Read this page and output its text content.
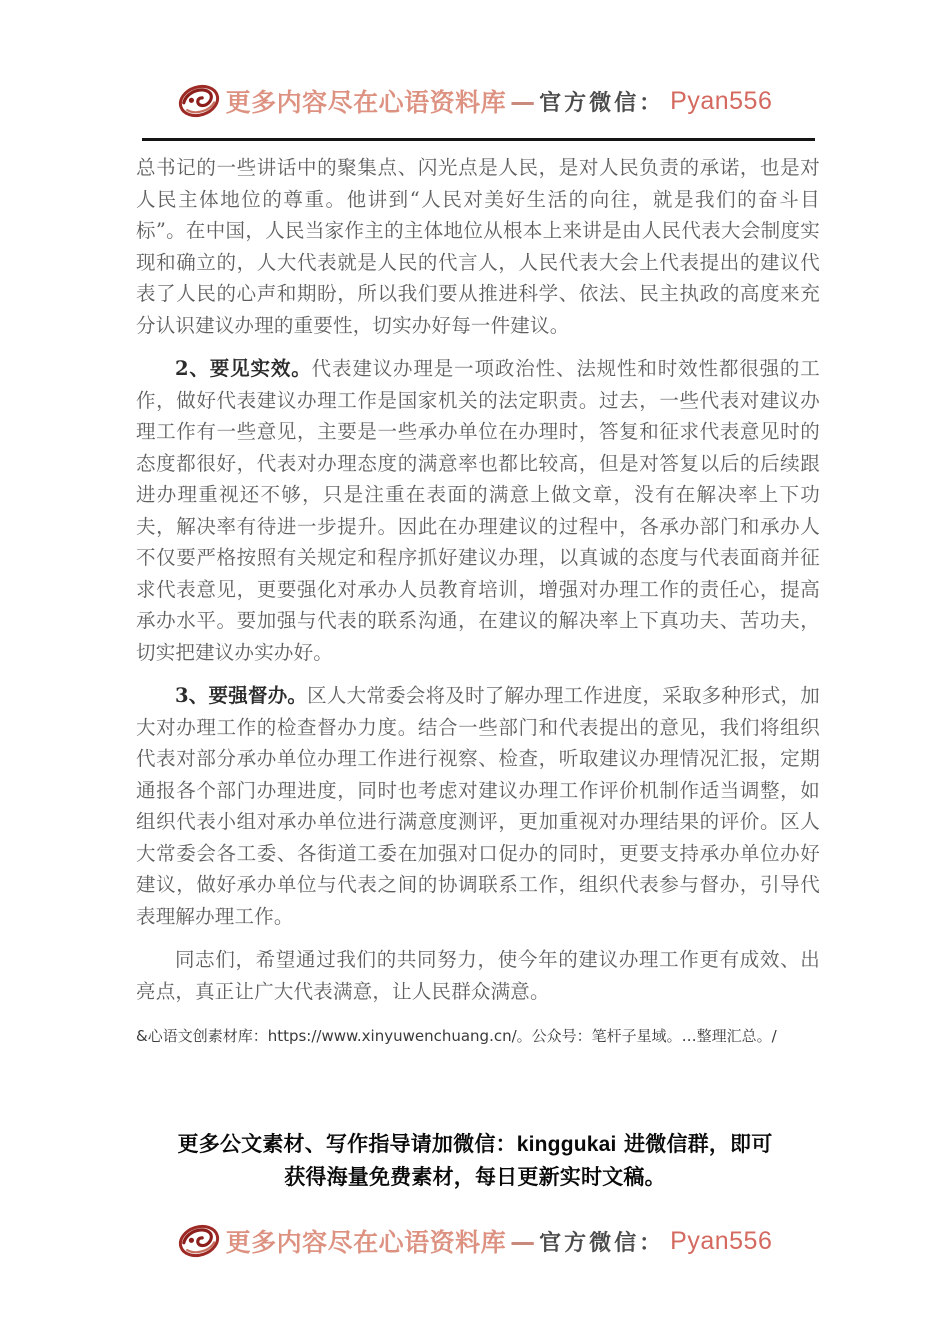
更多内容尽在心语资料库 — 官方微信： Pyan556

总书记的一些讲话中的聚集点、闪光点是人民，是对人民负责的承诺，也是对人民主体地位的尊重。他讲到“人民对美好生活的向往，就是我们的奋斗目标”。在中国，人民当家作主的主体地位从根本上来讲是由人民代表大会制度实现和确立的，人大代表就是人民的代言人，人民代表大会上代表提出的建议代表了人民的心声和期盼，所以我们要从推进科学、依法、民主执政的高度来充分认识建议办理的重要性，切实办好每一件建议。

2、要见实效。代表建议办理是一项政治性、法规性和时效性都很强的工作，做好代表建议办理工作是国家机关的法定职责。过去，一些代表对建议办理工作有一些意见，主要是一些承办单位在办理时，答复和征求代表意见时的态度都很好，代表对办理态度的满意率也都比较高，但是对答复以后的后续跟进办理重视还不够，只是注重在表面的满意上做文章，没有在解决率上下功夫，解决率有待进一步提升。因此在办理建议的过程中，各承办部门和承办人不仅要严格按照有关规定和程序抓好建议办理，以真诚的态度与代表面商并征求代表意见，更要强化对承办人员教育培训，增强对办理工作的责任心，提高承办水平。要加强与代表的联系沟通，在建议的解决率上下真功夫、苦功夫，切实把建议办实办好。

3、要强督办。区人大常委会将及时了解办理工作进度，采取多种形式，加大对办理工作的检查督办力度。结合一些部门和代表提出的意见，我们将组织代表对部分承办单位办理工作进行视察、检查，听取建议办理情况汇报，定期通报各个部门办理进度，同时也考虑对建议办理工作评价机制作适当调整，如组织代表小组对承办单位进行满意度测评，更加重视对办理结果的评价。区人大常委会各工委、各街道工委在加强对口促办的同时，更要支持承办单位办好建议，做好承办单位与代表之间的协调联系工作，组织代表参与督办，引导代表理解办理工作。

同志们，希望通过我们的共同努力，使今年的建议办理工作更有成效、出亮点，真正让广大代表满意，让人民群众满意。

&心语文创素材库：https://www.xinyuwenchuang.cn/。公众号：笔杆子星域。…整理汇总。/

更多公文素材、写作指导请加微信：kinggukai 进微信群，即可
获得海量免费素材，每日更新实时文稿。
更多内容尽在心语资料库 — 官方微信： Pyan556
